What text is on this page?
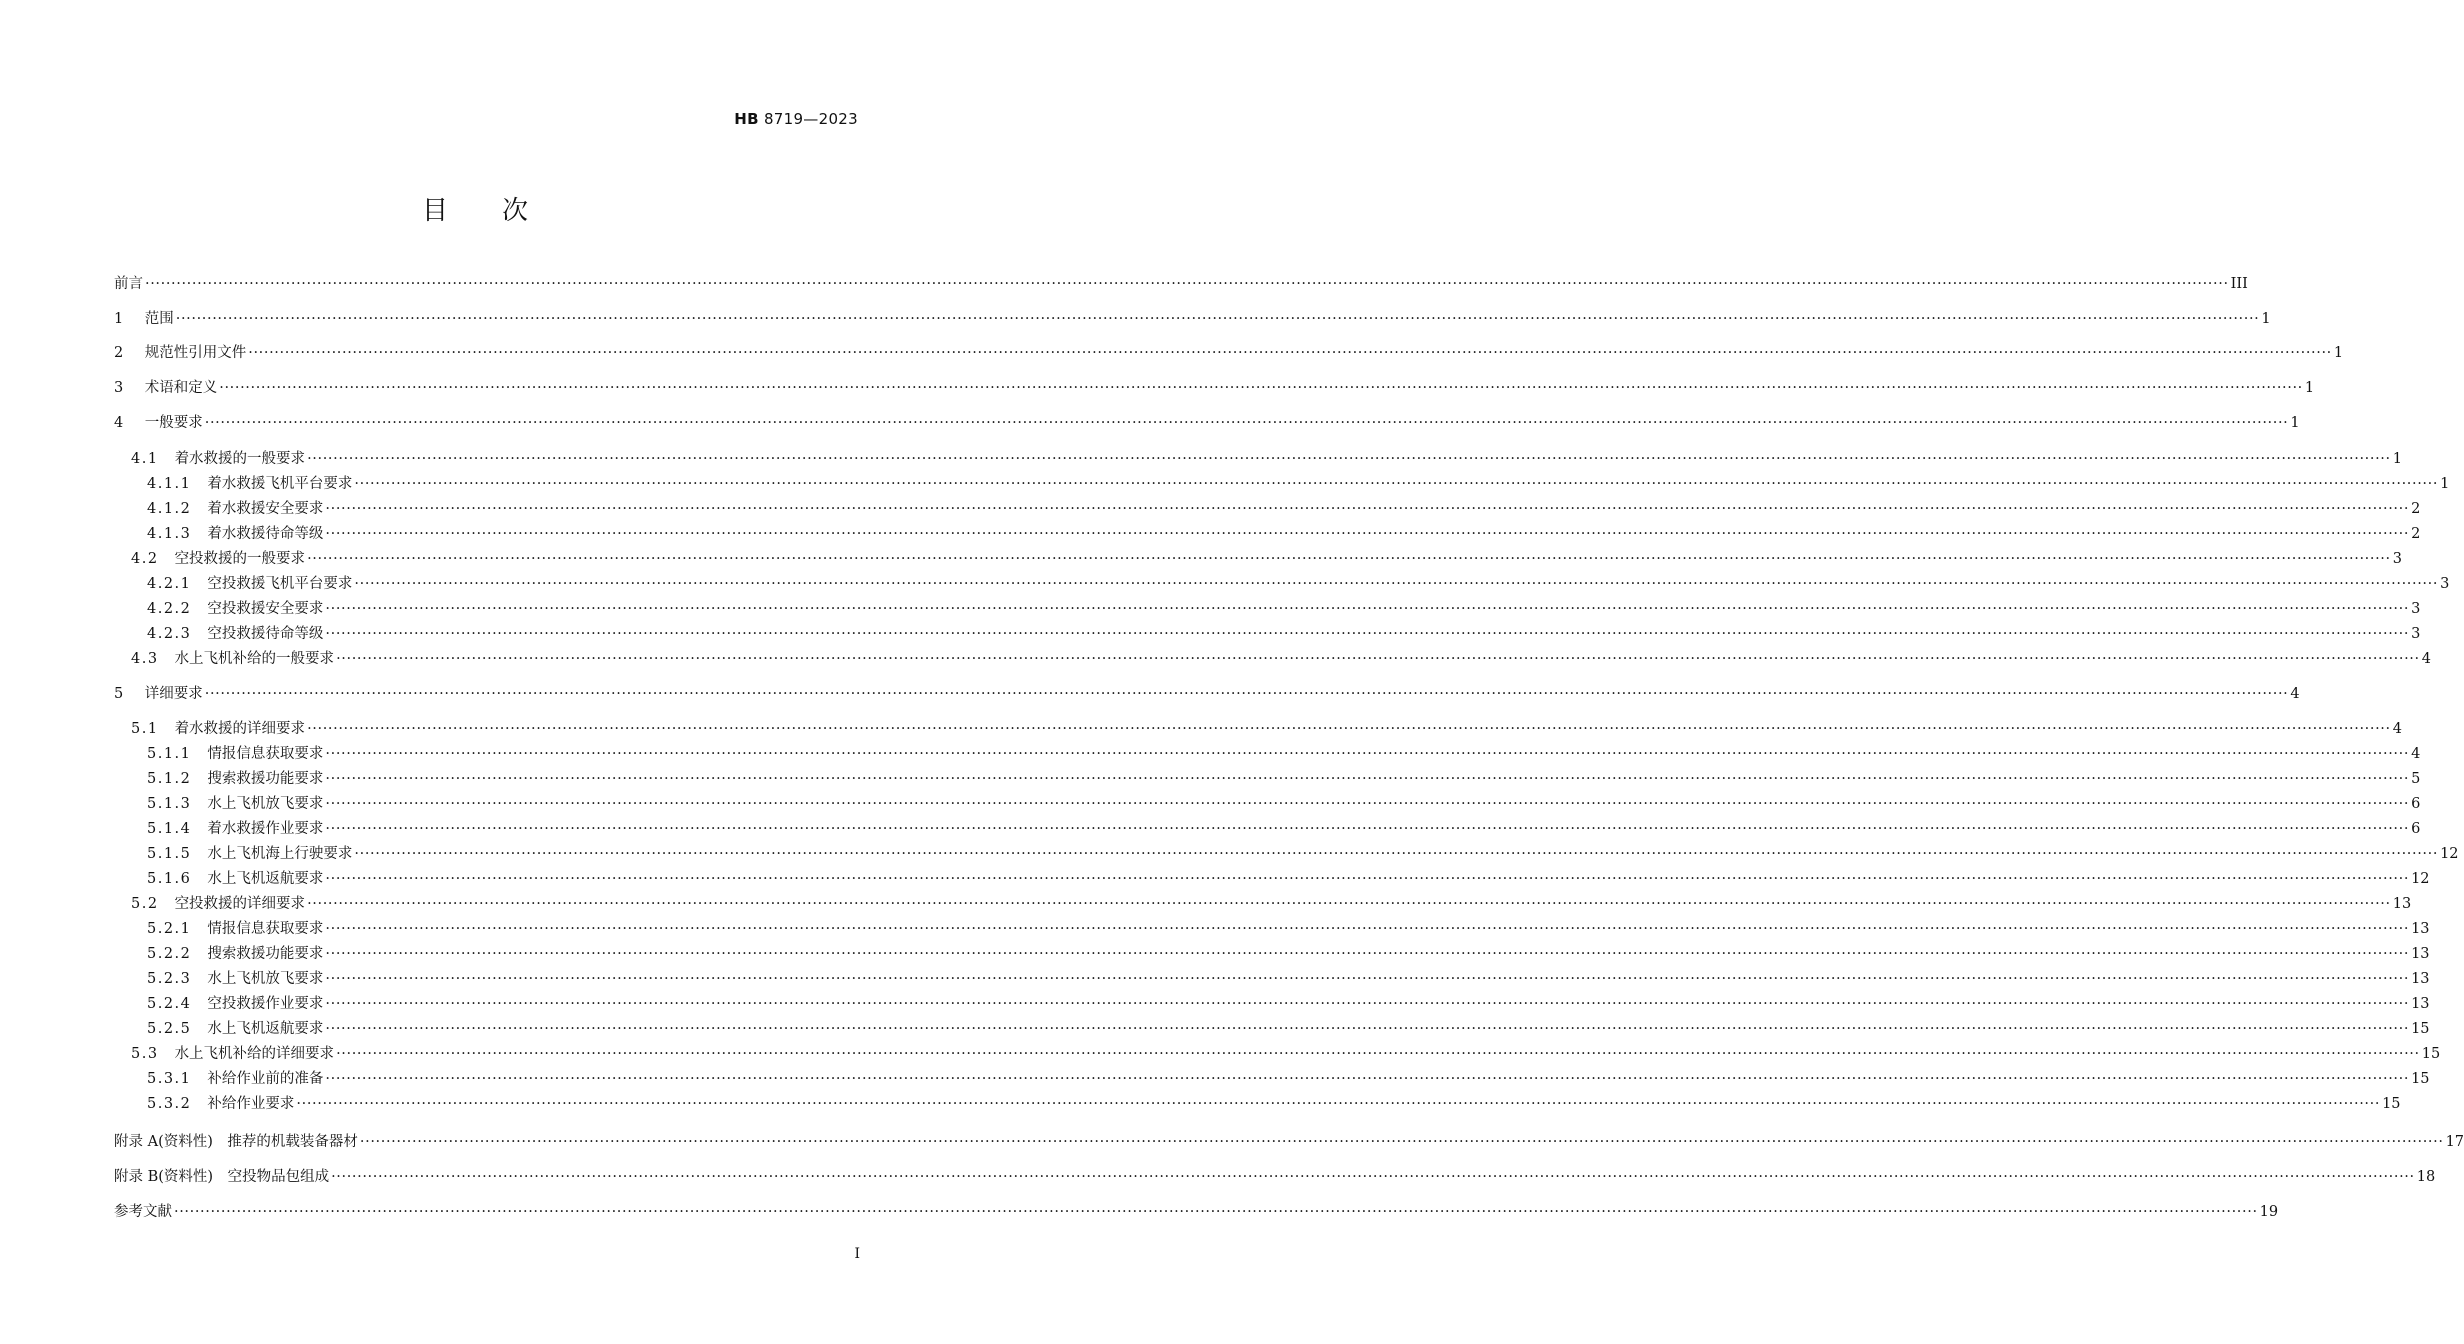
HB 8719—2023
目次
前言 ················································································································································································································································································································································································································ III
1 范围 ················································································································································································································································································································································································································ 1
2 规范性引用文件 ················································································································································································································································································································································································································ 1
3 术语和定义 ················································································································································································································································································································································································································ 1
4 一般要求 ················································································································································································································································································································································································································ 1
4.1 着水救援的一般要求 ················································································································································································································································································································································································································ 1
4.1.1 着水救援飞机平台要求 ················································································································································································································································································································································································································ 1
4.1.2 着水救援安全要求 ················································································································································································································································································································································································································ 2
4.1.3 着水救援待命等级 ················································································································································································································································································································································································································ 2
4.2 空投救援的一般要求 ················································································································································································································································································································································································································ 3
4.2.1 空投救援飞机平台要求 ················································································································································································································································································································································································································ 3
4.2.2 空投救援安全要求 ················································································································································································································································································································································································································ 3
4.2.3 空投救援待命等级 ················································································································································································································································································································································································································ 3
4.3 水上飞机补给的一般要求 ················································································································································································································································································································································································································ 4
5 详细要求 ················································································································································································································································································································································································································ 4
5.1 着水救援的详细要求 ················································································································································································································································································································································································································ 4
5.1.1 情报信息获取要求 ················································································································································································································································································································································································································ 4
5.1.2 搜索救援功能要求 ················································································································································································································································································································································································································ 5
5.1.3 水上飞机放飞要求 ················································································································································································································································································································································································································ 6
5.1.4 着水救援作业要求 ················································································································································································································································································································································································································ 6
5.1.5 水上飞机海上行驶要求 ················································································································································································································································································································································································································ 12
5.1.6 水上飞机返航要求 ················································································································································································································································································································································································································ 12
5.2 空投救援的详细要求 ················································································································································································································································································································································································································ 13
5.2.1 情报信息获取要求 ················································································································································································································································································································································································································ 13
5.2.2 搜索救援功能要求 ················································································································································································································································································································································································································ 13
5.2.3 水上飞机放飞要求 ················································································································································································································································································································································································································ 13
5.2.4 空投救援作业要求 ················································································································································································································································································································································································································ 13
5.2.5 水上飞机返航要求 ················································································································································································································································································································································································································ 15
5.3 水上飞机补给的详细要求 ················································································································································································································································································································································································································ 15
5.3.1 补给作业前的准备 ················································································································································································································································································································································································································ 15
5.3.2 补给作业要求 ················································································································································································································································································································································································································ 15
附录 A(资料性)　推荐的机载装备器材 ················································································································································································································································································································································································································ 17
附录 B(资料性)　空投物品包组成 ················································································································································································································································································································································································································ 18
参考文献 ················································································································································································································································································································································································································ 19
I
